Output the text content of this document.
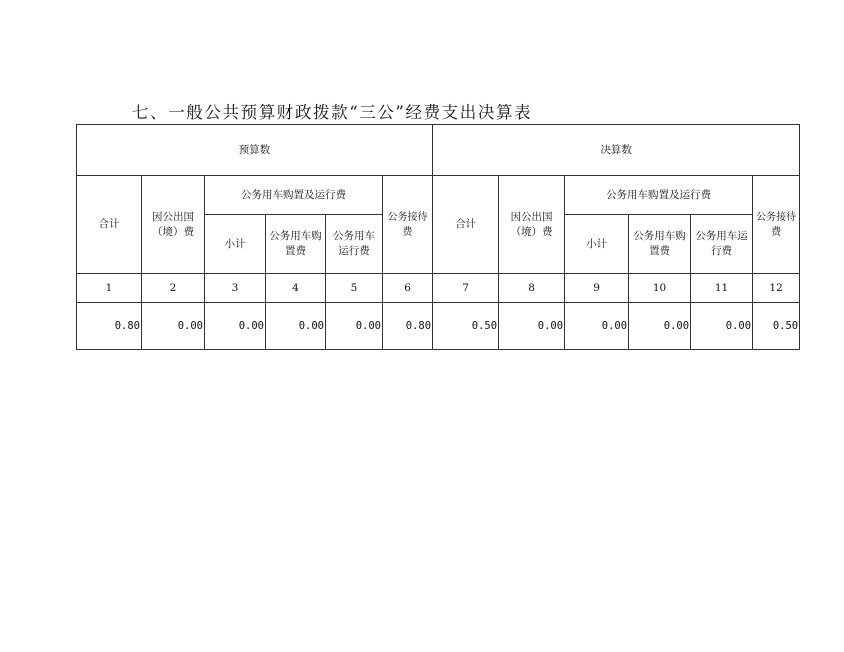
七、一般公共预算财政拨款“三公”经费支出决算表
预算数						决算数					
合计	因公出国（境）费	公务用车购置及运行费			公务接待费	合计	因公出国（境）费	公务用车购置及运行费			公务接待费
		小计	公务用车购置费	公务用车运行费				小计	公务用车购置费	公务用车运行费	
1	2	3	4	5	6	7	8	9	10	11	12
0.80	0.00	0.00	0.00	0.00	0.80	0.50	0.00	0.00	0.00	0.00	0.50
